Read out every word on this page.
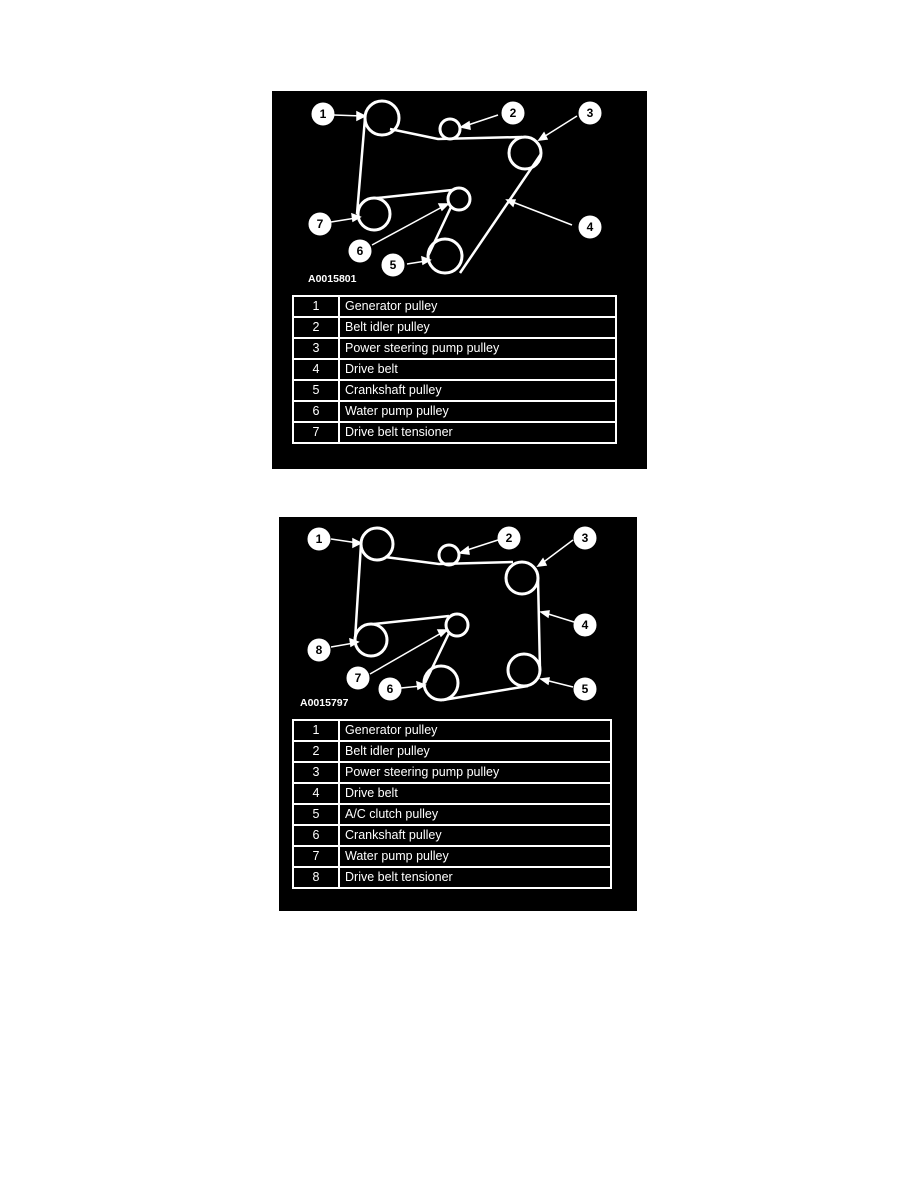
1	2	3
4
7
6
5
A0015801
1	Generator pulley
2	Belt idler pulley
3	Power steering pump pulley
4	Drive belt
5	Crankshaft pulley
6	Water pump pulley
7	Drive belt tensioner
1	2	3
4
5
8
7
6
A0015797
1	Generator pulley
2	Belt idler pulley
3	Power steering pump pulley
4	Drive belt
5	A/C clutch pulley
6	Crankshaft pulley
7	Water pump pulley
8	Drive belt tensioner
